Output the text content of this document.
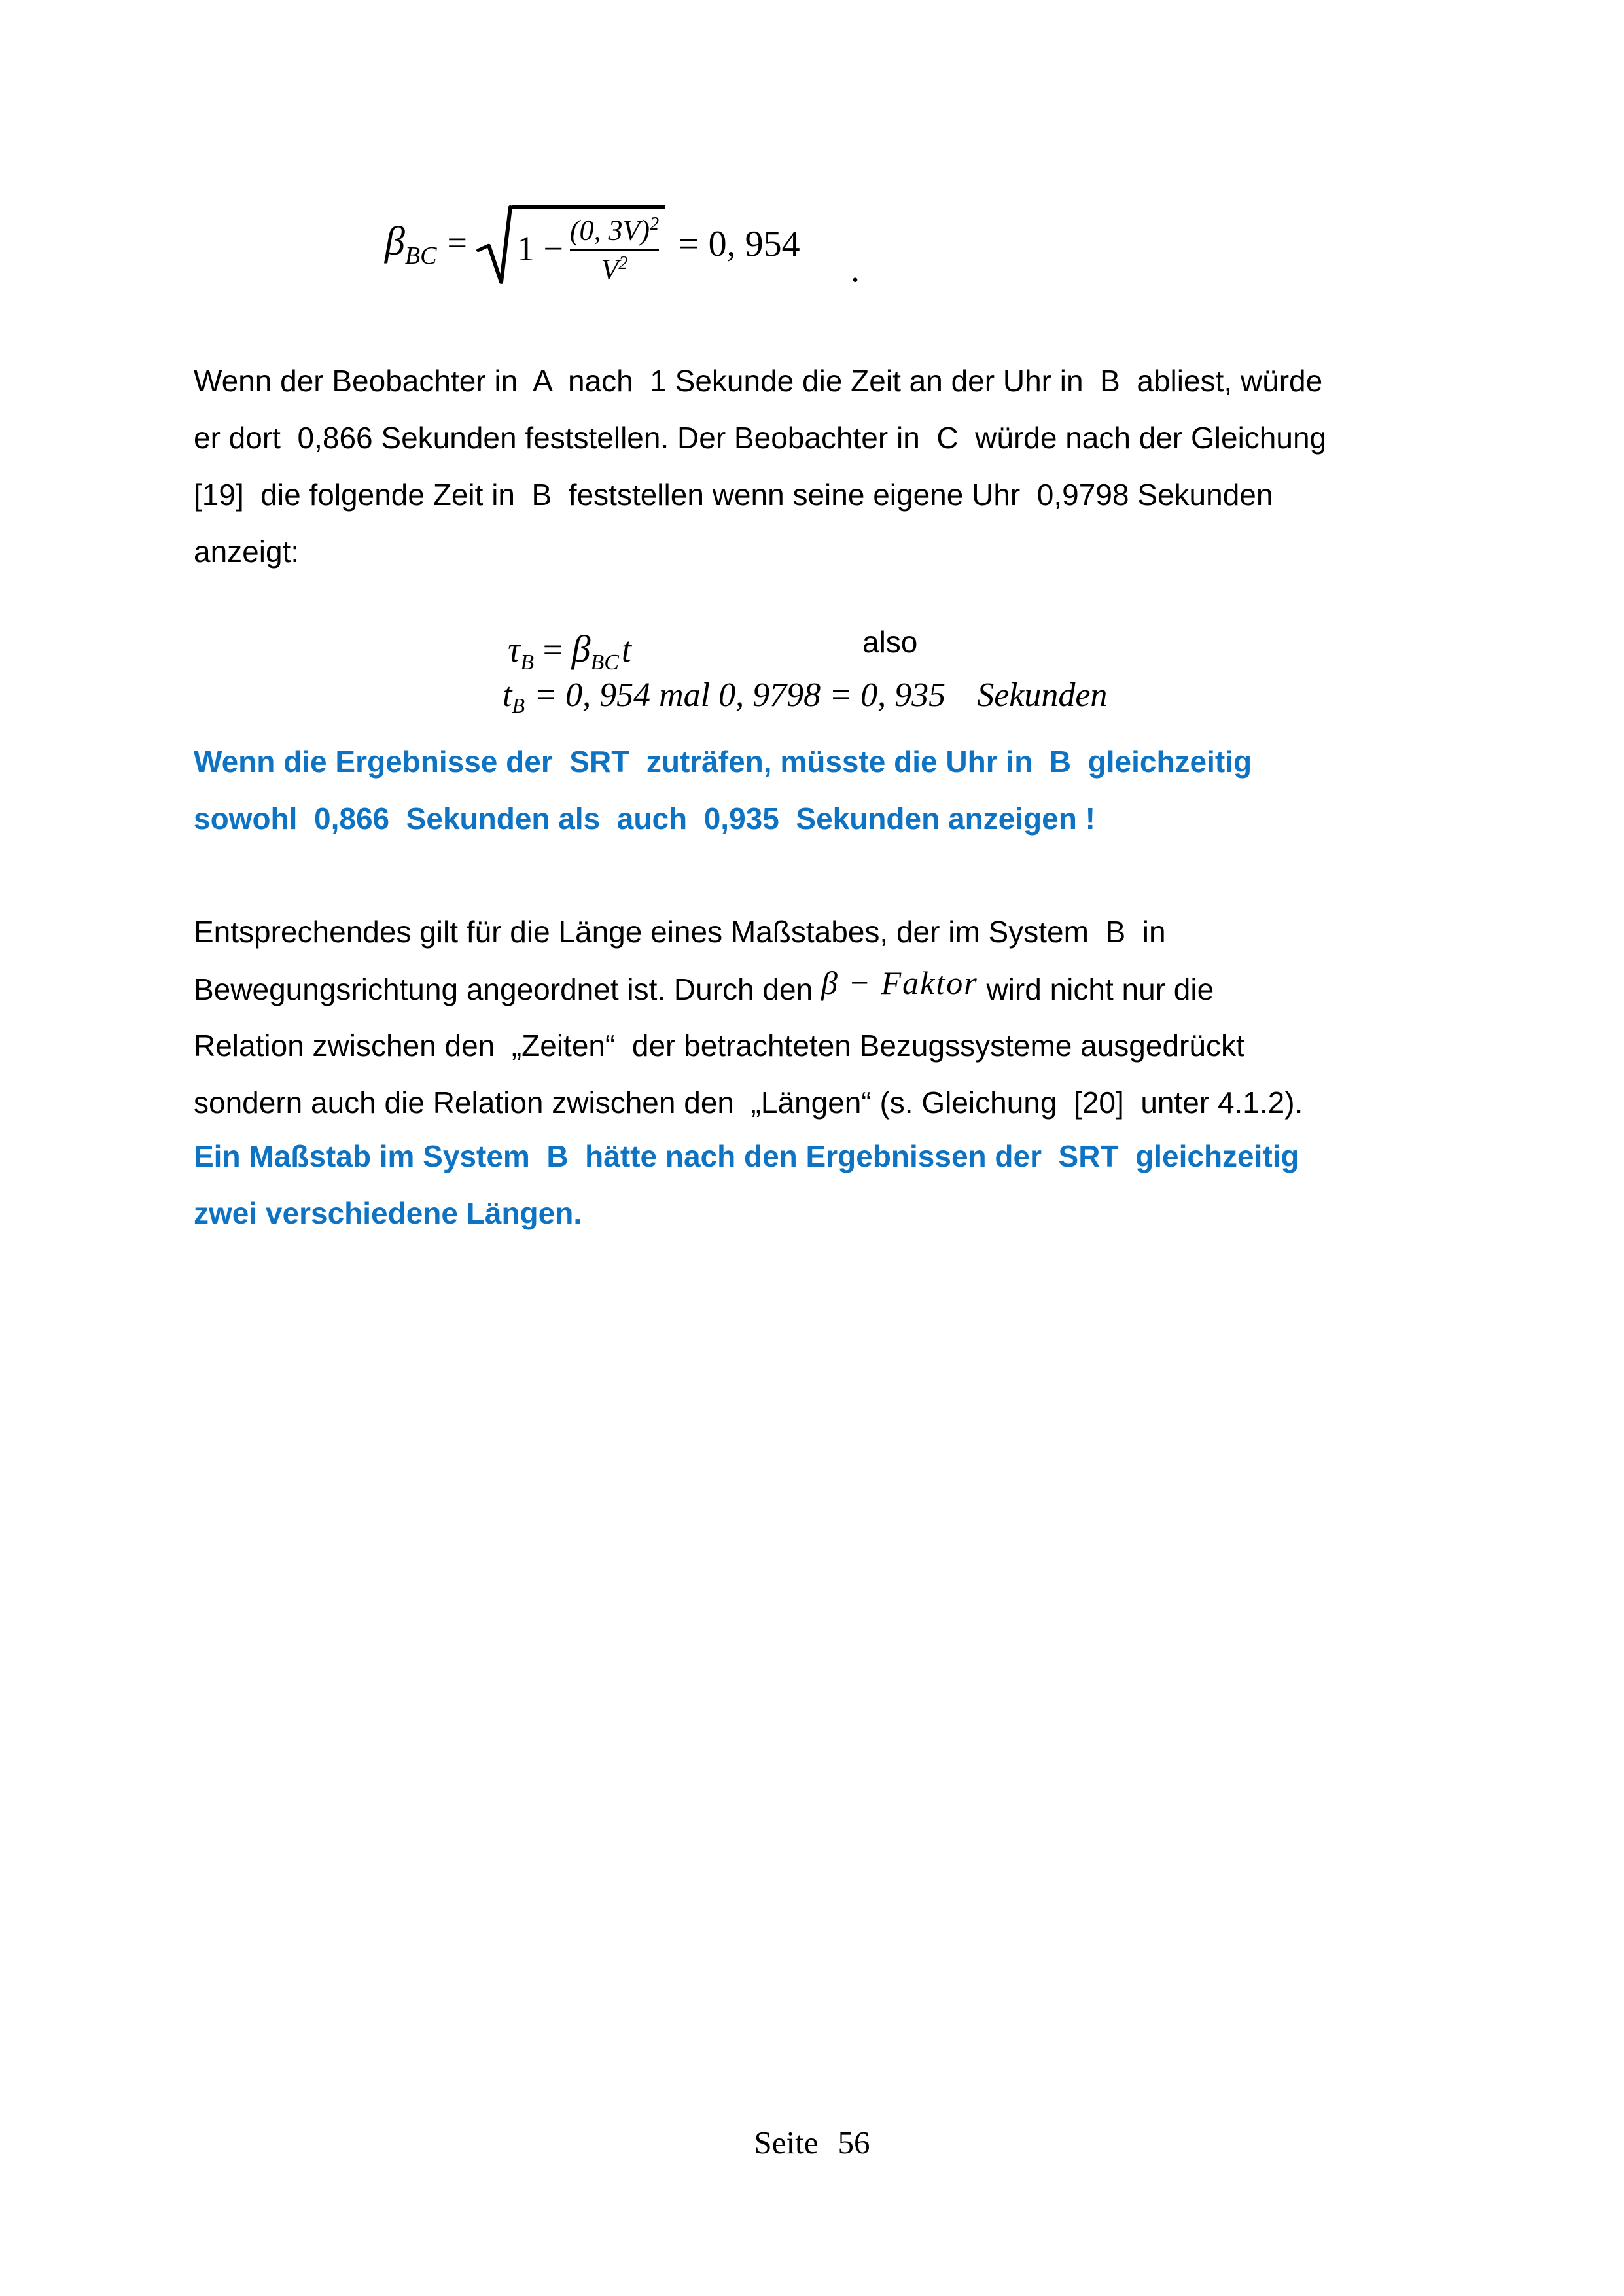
$\beta_{BC} = 1 - \frac{(0, 3V)^2}{V^2} = 0$, 954
.
Wenn der Beobachter in  A  nach  1 Sekunde die Zeit an der Uhr in  B  abliest, würde
er dort  0,866 Sekunden feststellen. Der Beobachter in  C  würde nach der Gleichung
[19]  die folgende Zeit in  B  feststellen wenn seine eigene Uhr  0,9798 Sekunden
anzeigt:

$\tau_B = \beta_{BC}t$
	also

tB = 0, 954 mal 0, 9798 = 0, 935 Sekunden

Wenn die Ergebnisse der  SRT  zuträfen, müsste die Uhr in  B  gleichzeitig
sowohl  0,866  Sekunden als  auch  0,935  Sekunden anzeigen !
Entsprechendes gilt für die Länge eines Maßstabes, der im System  B  in
Bewegungsrichtung angeordnet ist. Durch den β − Faktor wird nicht nur die
Relation zwischen den  „Zeiten“  der betrachteten Bezugssysteme ausgedrückt
sondern auch die Relation zwischen den  „Längen“ (s. Gleichung  [20]  unter 4.1.2).
Ein Maßstab im System  B  hätte nach den Ergebnissen der  SRT  gleichzeitig
zwei verschiedene Längen.
Seite 56
